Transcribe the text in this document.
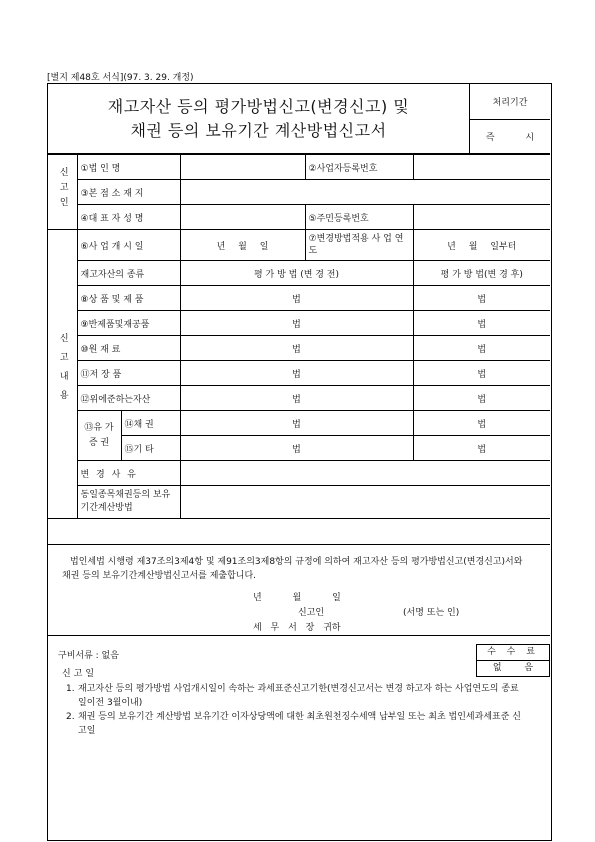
[별지 제48호 서식](97. 3. 29. 개정)
재고자산 등의 평가방법신고(변경신고) 및
채권 등의 보유기간 계산방법신고서
처리기간
즉 시
신고인	①법 인 명			②사업자등록번호	
	③본 점 소 재 지				
	④대 표 자 성 명			⑤주민등록번호	
신고내용	⑥사 업 개 시 일		년 월 일	⑦변경방법적용 사 업 연 도	년 월 일부터
	재고자산의 종류		평 가 방 법 (변 경 전)		평 가 방 법(변 경 후)
	⑧상 품 및 제 품		법		법
	⑨반제품및재공품		법		법
	⑩원 재 료		법		법
	⑪저 장 품		법		법
	⑫위에준하는자산		법		법
	⑬유 가 증 권	⑭채 권	법		법
		⑮기 타	법		법
	변 경 사 유				
	동일종목채권등의 보유기간계산방법				
법인세법 시행령 제37조의3제4항 및 제91조의3제8항의 규정에 의하여 재고자산 등의 평가방법신고(변경신고)서와 채권 등의 보유기간계산방법신고서를 제출합니다.
년 월 일
신고인	(서명 또는 인)
세 무 서 장 귀하
구비서류 : 없음
신고일
수 수 료
없 음
1. 재고자산 등의 평가방법 사업개시일이 속하는 과세표준신고기한(변경신고서는 변경 하고자 하는 사업연도의 종료일이전 3월이내)
2. 채권 등의 보유기간 계산방법 보유기간 이자상당액에 대한 최초원천징수세액 납부일 또는 최초 법인세과세표준 신고일
